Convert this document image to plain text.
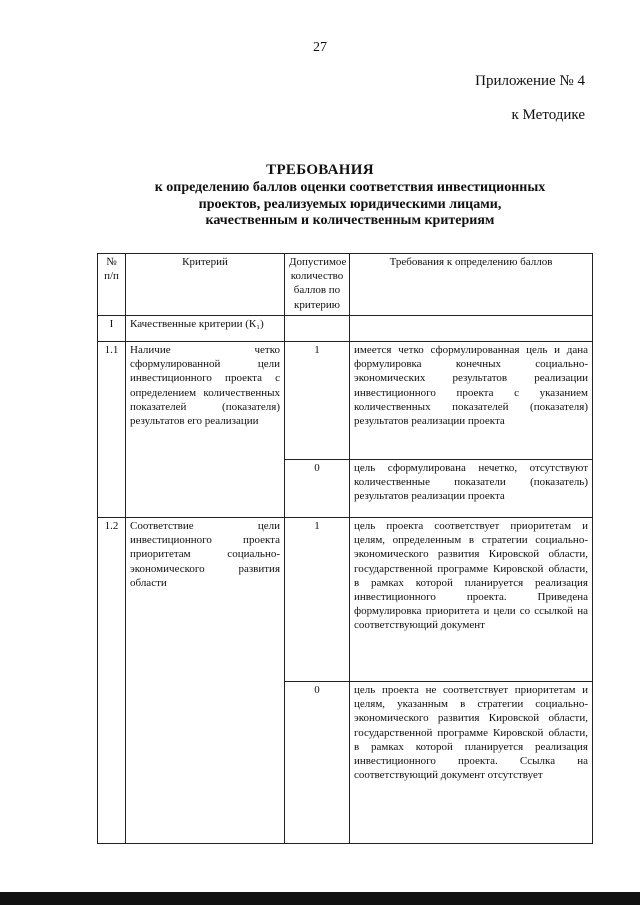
27
Приложение № 4
к Методике
ТРЕБОВАНИЯ
к определению баллов оценки соответствия инвестиционных
проектов, реализуемых юридическими лицами,
качественным и количественным критериям
№ п/п	Критерий	Допустимое количество баллов по критерию	Требования к определению баллов
I	Качественные критерии (К₁)		
1.1	Наличие четко сформулированной цели инвестиционного проекта с определением количественных показателей (показателя) результатов его реализации	1	имеется четко сформулированная цель и дана формулировка конечных социально-экономических результатов реализации инвестиционного проекта с указанием количественных показателей (показателя) результатов реализации проекта
		0	цель сформулирована нечетко, отсутствуют количественные показатели (показатель) результатов реализации проекта
1.2	Соответствие цели инвестиционного проекта приоритетам социально-экономического развития области	1	цель проекта соответствует приоритетам и целям, определенным в стратегии социально-экономического развития Кировской области, государственной программе Кировской области, в рамках которой планируется реализация инвестиционного проекта. Приведена формулировка приоритета и цели со ссылкой на соответствующий документ
		0	цель проекта не соответствует приоритетам и целям, указанным в стратегии социально-экономического развития Кировской области, государственной программе Кировской области, в рамках которой планируется реализация инвестиционного проекта. Ссылка на соответствующий документ отсутствует
